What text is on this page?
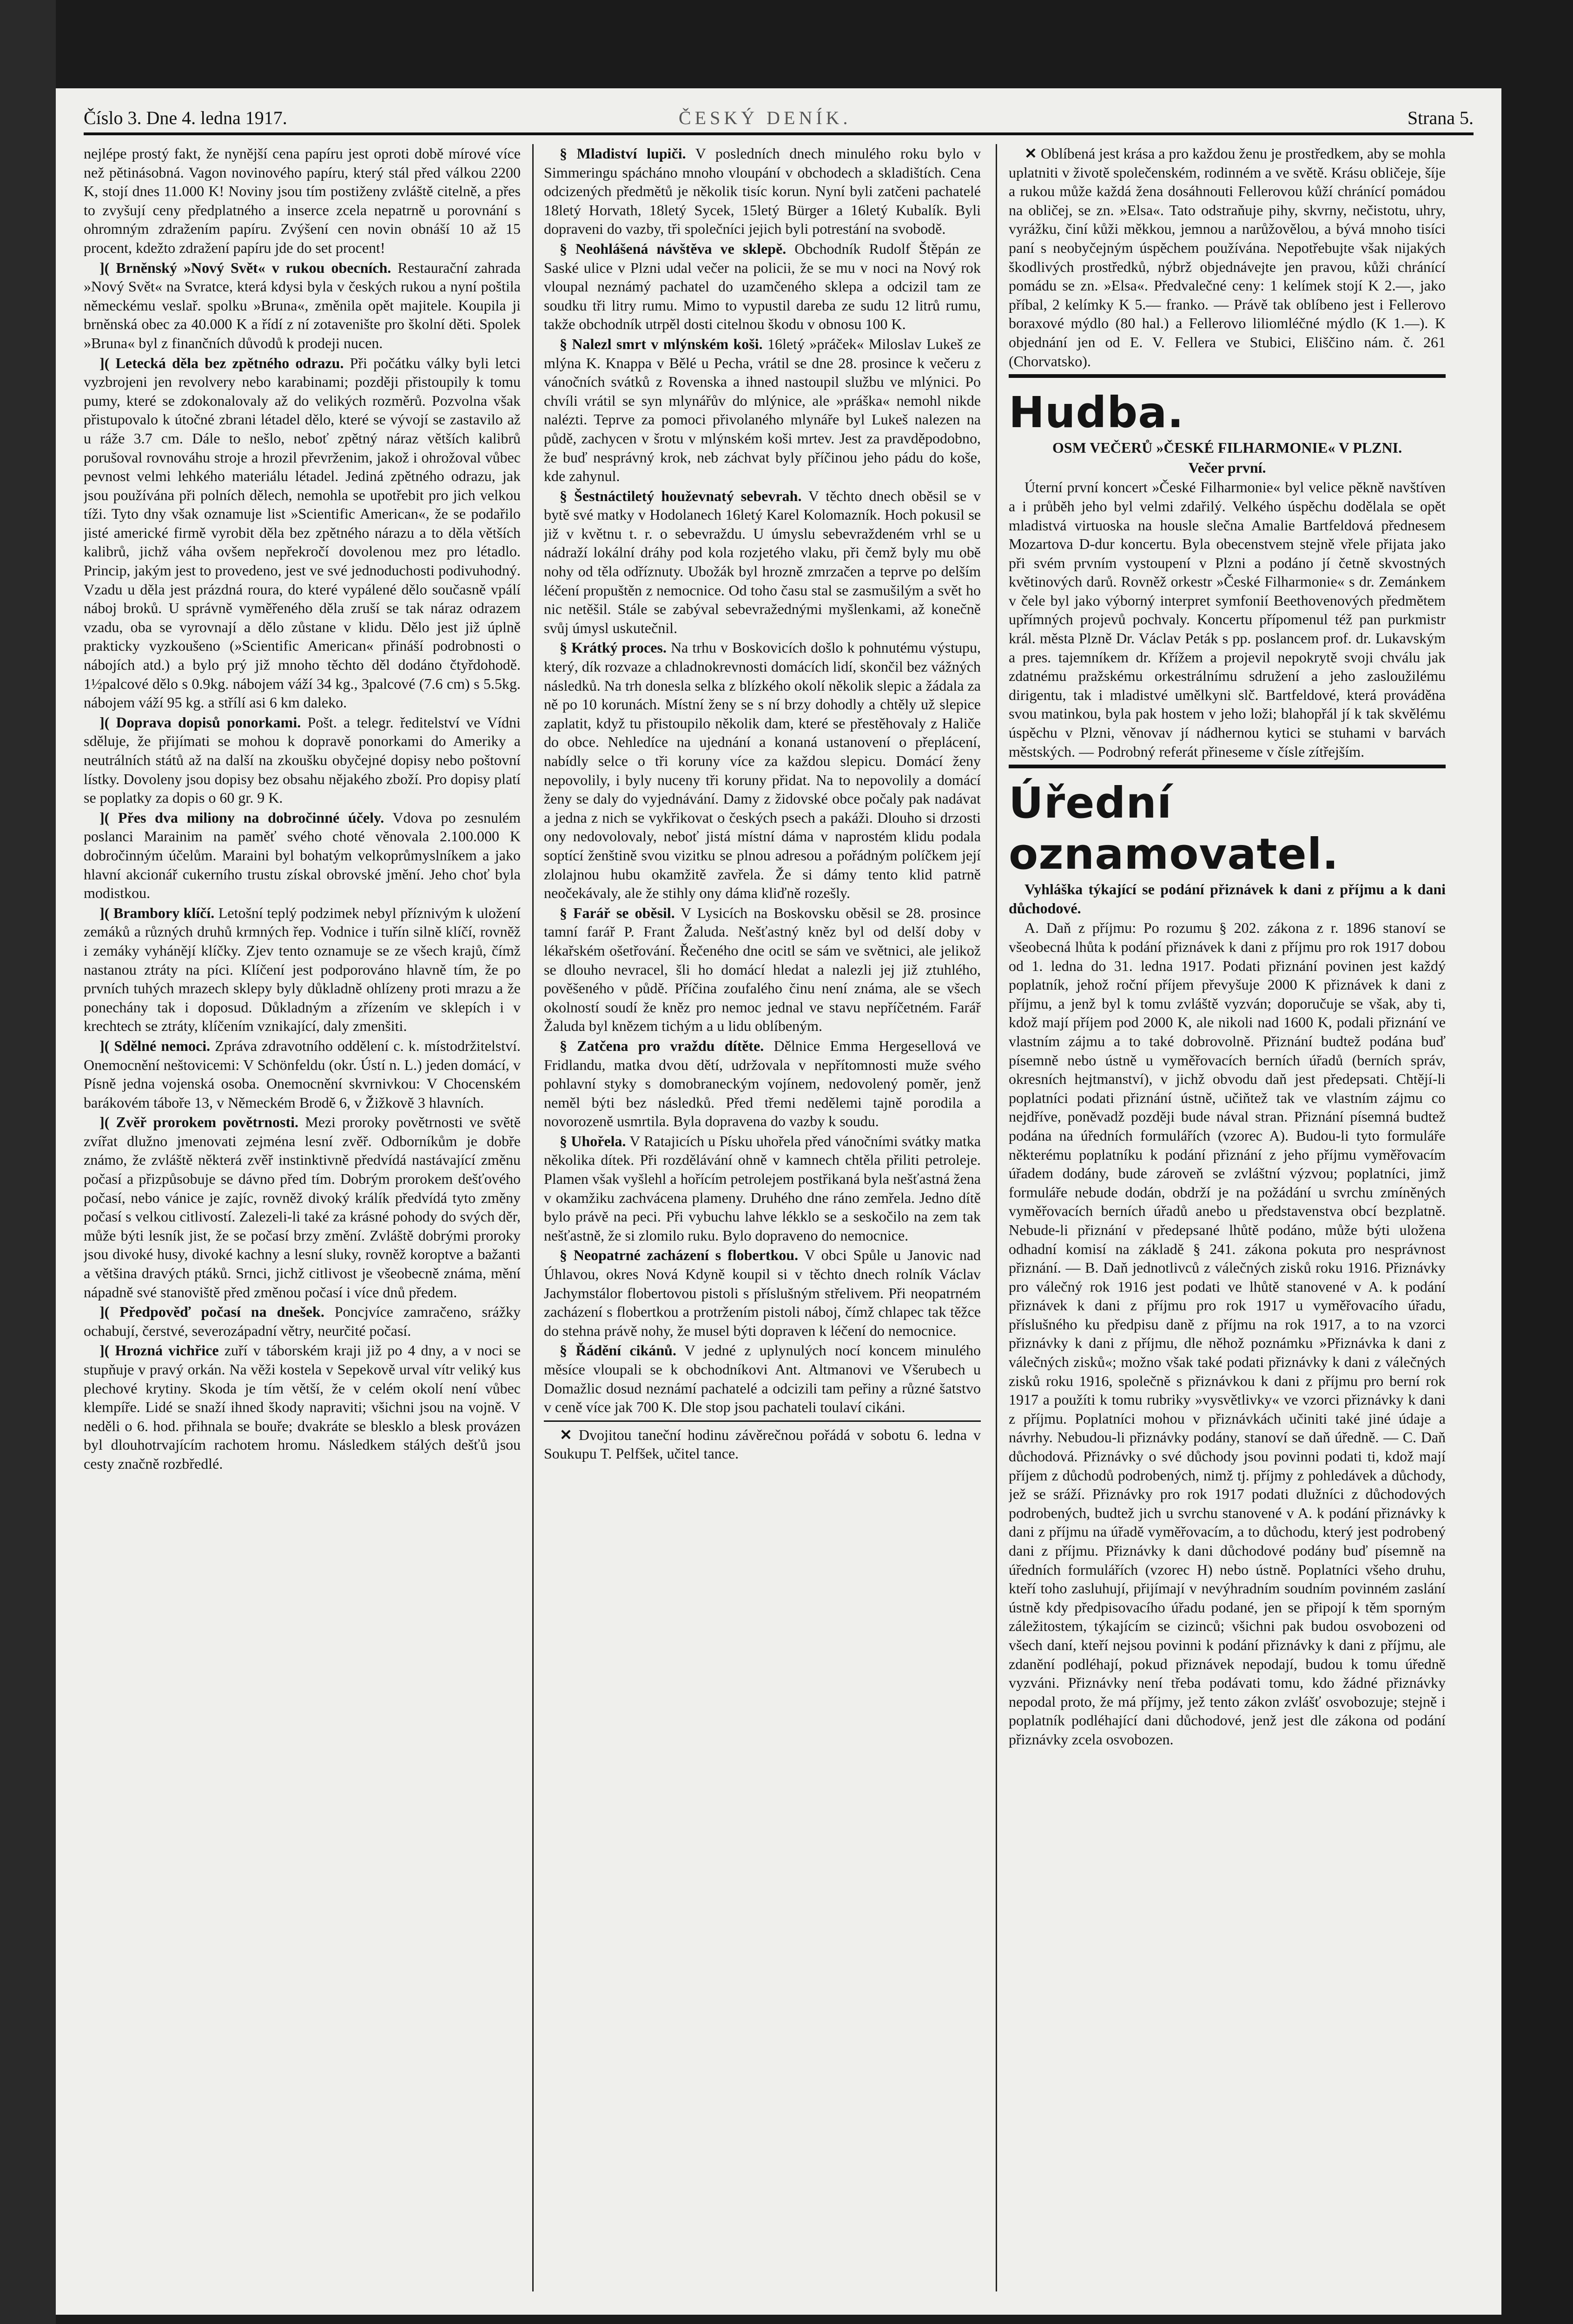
Číslo 3. Dne 4. ledna 1917.	ČESKÝ DENÍK.	Strana 5.

nejlépe prostý fakt, že nynější cena papíru jest oproti době mírové více než pětinásobná. Vagon novinového papíru, který stál před válkou 2200 K, stojí dnes 11.000 K! Noviny jsou tím postiženy zvláště citelně, a přes to zvyšují ceny předplatného a inserce zcela nepatrně u porovnání s ohromným zdražením papíru. Zvýšení cen novin obnáší 10 až 15 procent, kdežto zdražení papíru jde do set procent!

]( Brněnský »Nový Svět« v rukou obecních. Restaurační zahrada »Nový Svět« na Svratce, která kdysi byla v českých rukou a nyní poštila německému veslař. spolku »Bruna«, změnila opět majitele. Koupila ji brněnská obec za 40.000 K a řídí z ní zotavenište pro školní děti. Spolek »Bruna« byl z finančních důvodů k prodeji nucen.

]( Letecká děla bez zpětného odrazu. Při počátku války byli letci vyzbrojeni jen revolvery nebo karabinami; později přistoupily k tomu pumy, které se zdokonalovaly až do velikých rozměrů. Pozvolna však přistupovalo k útočné zbrani létadel dělo, které se vývojí se zastavilo až u ráže 3.7 cm. Dále to nešlo, neboť zpětný náraz větších kalibrů porušoval rovnováhu stroje a hrozil převrženim, jakož i ohrožoval vůbec pevnost velmi lehkého materiálu létadel. Jediná zpětného odrazu, jak jsou používána při polních dělech, nemohla se upotřebit pro jich velkou tíži. Tyto dny však oznamuje list »Scientific American«, že se podařilo jisté americké firmě vyrobit děla bez zpětného nárazu a to děla větších kalibrů, jichž váha ovšem nepřekročí dovolenou mez pro létadlo. Princip, jakým jest to provedeno, jest ve své jednoduchosti podivuhodný. Vzadu u děla jest prázdná roura, do které vypálené dělo současně vpálí náboj broků. U správně vyměřeného děla zruší se tak náraz odrazem vzadu, oba se vyrovnají a dělo zůstane v klidu. Dělo jest již úplně prakticky vyzkoušeno (»Scientific American« přináší podrobnosti o nábojích atd.) a bylo prý již mnoho těchto děl dodáno čtyřdohodě. 1½palcové dělo s 0.9kg. nábojem váží 34 kg., 3palcové (7.6 cm) s 5.5kg. nábojem váží 95 kg. a střílí asi 6 km daleko.

]( Doprava dopisů ponorkami. Pošt. a telegr. ředitelství ve Vídni sděluje, že přijímati se mohou k dopravě ponorkami do Ameriky a neutrálních států až na další na zkoušku obyčejné dopisy nebo poštovní lístky. Dovoleny jsou dopisy bez obsahu nějakého zboží. Pro dopisy platí se poplatky za dopis o 60 gr. 9 K.

]( Přes dva miliony na dobročinné účely. Vdova po zesnulém poslanci Marainim na paměť svého choté věnovala 2.100.000 K dobročinným účelům. Maraini byl bohatým velkoprůmyslníkem a jako hlavní akcionář cukerního trustu získal obrovské jmění. Jeho choť byla modistkou.

]( Brambory klíčí. Letošní teplý podzimek nebyl příznivým k uložení zemáků a různých druhů krmných řep. Vodnice i tuřín silně klíčí, rovněž i zemáky vyhánějí klíčky. Zjev tento oznamuje se ze všech krajů, čímž nastanou ztráty na píci. Klíčení jest podporováno hlavně tím, že po prvních tuhých mrazech sklepy byly důkladně ohlízeny proti mrazu a že ponechány tak i doposud. Důkladným a zřízením ve sklepích i v krechtech se ztráty, klíčením vznikající, daly zmenšiti.

]( Sdělné nemoci. Zpráva zdravotního oddělení c. k. místodržitelství. Onemocnění neštovicemi: V Schönfeldu (okr. Ústí n. L.) jeden domácí, v Písně jedna vojenská osoba. Onemocnění skvrnivkou: V Chocenském barákovém táboře 13, v Německém Brodě 6, v Žižkově 3 hlavních.

]( Zvěř prorokem povětrnosti. Mezi proroky povětrnosti ve světě zvířat dlužno jmenovati zejména lesní zvěř. Odborníkům je dobře známo, že zvláště některá zvěř instinktivně předvídá nastávající změnu počasí a přizpůsobuje se dávno před tím. Dobrým prorokem dešťového počasí, nebo vánice je zajíc, rovněž divoký králík předvídá tyto změny počasí s velkou citlivostí. Zalezeli-li také za krásné pohody do svých děr, může býti lesník jist, že se počasí brzy změní. Zvláště dobrými proroky jsou divoké husy, divoké kachny a lesní sluky, rovněž koroptve a bažanti a většina dravých ptáků. Srnci, jichž citlivost je všeobecně známa, mění nápadně své stanoviště před změnou počasí i více dnů předem.

]( Předpověď počasí na dnešek. Poncjvíce zamračeno, srážky ochabují, čerstvé, severozápadní větry, neurčité počasí.

]( Hrozná vichřice zuří v táborském kraji již po 4 dny, a v noci se stupňuje v pravý orkán. Na věži kostela v Sepekově urval vítr veliký kus plechové krytiny. Skoda je tím větší, že v celém okolí není vůbec klempíře. Lidé se snaží ihned škody napraviti; všichni jsou na vojně. V neděli o 6. hod. přihnala se bouře; dvakráte se blesklo a blesk provázen byl dlouhotrvajícím rachotem hromu. Následkem stálých dešťů jsou cesty značně rozbředlé.

§ Mladiství lupiči. V posledních dnech minulého roku bylo v Simmeringu spácháno mnoho vloupání v obchodech a skladištích. Cena odcizených předmětů je několik tisíc korun. Nyní byli zatčeni pachatelé 18letý Horvath, 18letý Sycek, 15letý Bürger a 16letý Kubalík. Byli dopraveni do vazby, tři společníci jejich byli potrestání na svobodě.

§ Neohlášená návštěva ve sklepě. Obchodník Rudolf Štěpán ze Saské ulice v Plzni udal večer na policii, že se mu v noci na Nový rok vloupal neznámý pachatel do uzamčeného sklepa a odcizil tam ze soudku tři litry rumu. Mimo to vypustil dareba ze sudu 12 litrů rumu, takže obchodník utrpěl dosti citelnou škodu v obnosu 100 K.

§ Nalezl smrt v mlýnském koši. 16letý »práček« Miloslav Lukeš ze mlýna K. Knappa v Bělé u Pecha, vrátil se dne 28. prosince k večeru z vánočních svátků z Rovenska a ihned nastoupil službu ve mlýnici. Po chvíli vrátil se syn mlynářův do mlýnice, ale »práška« nemohl nikde nalézti. Teprve za pomoci přivolaného mlynáře byl Lukeš nalezen na půdě, zachycen v šrotu v mlýnském koši mrtev. Jest za pravděpodobno, že buď nesprávný krok, neb záchvat byly příčinou jeho pádu do koše, kde zahynul.

§ Šestnáctiletý houževnatý sebevrah. V těchto dnech oběsil se v bytě své matky v Hodolanech 16letý Karel Kolomazník. Hoch pokusil se již v květnu t. r. o sebevraždu. U úmyslu sebevraždeném vrhl se u nádraží lokální dráhy pod kola rozjetého vlaku, při čemž byly mu obě nohy od těla odříznuty. Ubožák byl hrozně zmrzačen a teprve po delším léčení propuštěn z nemocnice. Od toho času stal se zasmušilým a svět ho nic netěšil. Stále se zabýval sebevražednými myšlenkami, až konečně svůj úmysl uskutečnil.

§ Krátký proces. Na trhu v Boskovicích došlo k pohnutému výstupu, který, dík rozvaze a chladnokrevnosti domácích lidí, skončil bez vážných následků. Na trh donesla selka z blízkého okolí několik slepic a žádala za ně po 10 korunách. Místní ženy se s ní brzy dohodly a chtěly už slepice zaplatit, když tu přistoupilo několik dam, které se přestěhovaly z Haliče do obce. Nehledíce na ujednání a konaná ustanovení o přeplácení, nabídly selce o tři koruny více za každou slepicu. Domácí ženy nepovolily, i byly nuceny tři koruny přidat. Na to nepovolily a domácí ženy se daly do vyjednávání. Damy z židovské obce počaly pak nadávat a jedna z nich se vykřikovat o českých psech a pakáži. Dlouho si drzosti ony nedovolovaly, neboť jistá místní dáma v naprostém klidu podala soptící ženštině svou vizitku se plnou adresou a pořádným políčkem její zlolajnou hubu okamžitě zavřela. Že si dámy tento klid patrně neočekávaly, ale že stihly ony dáma kliďně rozešly.

§ Farář se oběsil. V Lysicích na Boskovsku oběsil se 28. prosince tamní farář P. Frant Žaluda. Nešťastný kněz byl od delší doby v lékařském ošetřování. Řečeného dne ocitl se sám ve světnici, ale jelikož se dlouho nevracel, šli ho domácí hledat a nalezli jej již ztuhlého, pověšeného v půdě. Příčina zoufalého činu není známa, ale se všech okolností soudí že kněz pro nemoc jednal ve stavu nepříčetném. Farář Žaluda byl knězem tichým a u lidu oblíbeným.

§ Zatčena pro vraždu dítěte. Dělnice Emma Hergesellová ve Fridlandu, matka dvou dětí, udržovala v nepřítomnosti muže svého pohlavní styky s domobraneckým vojínem, nedovolený poměr, jenž neměl býti bez následků. Před třemi nedělemi tajně porodila a novorozeně usmrtila. Byla dopravena do vazby k soudu.

§ Uhořela. V Ratajicích u Písku uhořela před vánočními svátky matka několika dítek. Při rozdělávání ohně v kamnech chtěla přiliti petroleje. Plamen však vyšlehl a hořícím petrolejem postřikaná byla nešťastná žena v okamžiku zachvácena plameny. Druhého dne ráno zemřela. Jedno dítě bylo právě na peci. Při vybuchu lahve lékklo se a seskočilo na zem tak nešťastně, že si zlomilo ruku. Bylo dopraveno do nemocnice.

§ Neopatrné zacházení s flobertkou. V obci Spůle u Janovic nad Úhlavou, okres Nová Kdyně koupil si v těchto dnech rolník Václav Jachymstálor flobertovou pistoli s příslušným střelivem. Při neopatrném zacházení s flobertkou a protržením pistoli náboj, čímž chlapec tak těžce do stehna právě nohy, že musel býti dopraven k léčení do nemocnice.

§ Řádění cikánů. V jedné z uplynulých nocí koncem minulého měsíce vloupali se k obchodníkovi Ant. Altmanovi ve Všerubech u Domažlic dosud neznámí pachatelé a odcizili tam peřiny a různé šatstvo v ceně více jak 700 K. Dle stop jsou pachateli toulaví cikáni.

✕ Dvojitou taneční hodinu závěrečnou pořádá v sobotu 6. ledna v Soukupu T. Pelfšek, učitel tance.

✕ Oblíbená jest krása a pro každou ženu je prostředkem, aby se mohla uplatniti v životě společenském, rodinném a ve světě. Krásu obličeje, šíje a rukou může každá žena dosáhnouti Fellerovou kůží chránící pomádou na obličej, se zn. »Elsa«. Tato odstraňuje pihy, skvrny, nečistotu, uhry, vyrážku, činí kůži měkkou, jemnou a narůžovělou, a bývá mnoho tisíci paní s neobyčejným úspěchem používána. Nepotřebujte však nijakých škodlivých prostředků, nýbrž objednávejte jen pravou, kůži chránící pomádu se zn. »Elsa«. Předvalečné ceny: 1 kelímek stojí K 2.—, jako příbal, 2 kelímky K 5.— franko. — Právě tak oblíbeno jest i Fellerovo boraxové mýdlo (80 hal.) a Fellerovo liliomléčné mýdlo (K 1.—). K objednání jen od E. V. Fellera ve Stubici, Eliščino nám. č. 261 (Chorvatsko).

Hudba.

OSM VEČERŮ »ČESKÉ FILHARMONIE« V PLZNI.

Večer první.

Úterní první koncert »České Filharmonie« byl velice pěkně navštíven a i průběh jeho byl velmi zdařilý. Velkého úspěchu dodělala se opět mladistvá virtuoska na housle slečna Amalie Bartfeldová přednesem Mozartova D-dur koncertu. Byla obecenstvem stejně vřele přijata jako při svém prvním vystoupení v Plzni a podáno jí četně skvostných květinových darů. Rovněž orkestr »České Filharmonie« s dr. Zemánkem v čele byl jako výborný interpret symfonií Beethovenových předmětem upřímných projevů pochvaly. Koncertu přípomenul též pan purkmistr král. města Plzně Dr. Václav Peták s pp. poslancem prof. dr. Lukavským a pres. tajemníkem dr. Křížem a projevil nepokrytě svoji chválu jak zdatnému pražskému orkestrálnímu sdružení a jeho zasloužilému dirigentu, tak i mladistvé umělkyni slč. Bartfeldové, která prováděna svou matinkou, byla pak hostem v jeho loži; blahopřál jí k tak skvělému úspěchu v Plzni, věnovav jí nádhernou kytici se stuhami v barvách městských. — Podrobný referát přineseme v čísle zítřejším.

Úřední oznamovatel.

Vyhláška týkající se podání přiznávek k dani z příjmu a k dani důchodové.

A. Daň z příjmu: Po rozumu § 202. zákona z r. 1896 stanoví se všeobecná lhůta k podání přiznávek k dani z příjmu pro rok 1917 dobou od 1. ledna do 31. ledna 1917. Podati přiznání povinen jest každý poplatník, jehož roční příjem převyšuje 2000 K přiznávek k dani z příjmu, a jenž byl k tomu zvláště vyzván; doporučuje se však, aby ti, kdož mají příjem pod 2000 K, ale nikoli nad 1600 K, podali přiznání ve vlastním zájmu a to také dobrovolně. Přiznání budtež podána buď písemně nebo ústně u vyměřovacích berních úřadů (berních správ, okresních hejtmanství), v jichž obvodu daň jest předepsati. Chtějí-li poplatníci podati přiznání ústně, učiňtež tak ve vlastním zájmu co nejdříve, poněvadž později bude nával stran. Přiznání písemná budtež podána na úředních formulářích (vzorec A). Budou-li tyto formuláře některému poplatníku k podání přiznání z jeho příjmu vyměřovacím úřadem dodány, bude zároveň se zvláštní výzvou; poplatníci, jimž formuláře nebude dodán, obdrží je na požádání u svrchu zmíněných vyměřovacích berních úřadů anebo u představenstva obcí bezplatně. Nebude-li přiznání v předepsané lhůtě podáno, může býti uložena odhadní komisí na základě § 241. zákona pokuta pro nesprávnost přiznání. — B. Daň jednotlivců z válečných zisků roku 1916. Přiznávky pro válečný rok 1916 jest podati ve lhůtě stanovené v A. k podání přiznávek k dani z příjmu pro rok 1917 u vyměřovacího úřadu, příslušného ku předpisu daně z příjmu na rok 1917, a to na vzorci přiznávky k dani z příjmu, dle něhož poznámku »Přiznávka k dani z válečných zisků«; možno však také podati přiznávky k dani z válečných zisků roku 1916, společně s přiznávkou k dani z příjmu pro berní rok 1917 a použíti k tomu rubriky »vysvětlivky« ve vzorci přiznávky k dani z příjmu. Poplatníci mohou v přiznávkách učiniti také jiné údaje a návrhy. Nebudou-li přiznávky podány, stanoví se daň úředně. — C. Daň důchodová. Přiznávky o své důchody jsou povinni podati ti, kdož mají příjem z důchodů podrobených, nimž tj. příjmy z pohledávek a důchody, jež se sráží. Přiznávky pro rok 1917 podati dlužníci z důchodových podrobených, budtež jich u svrchu stanovené v A. k podání přiznávky k dani z příjmu na úřadě vyměřovacím, a to důchodu, který jest podrobený dani z příjmu. Přiznávky k dani důchodové podány buď písemně na úředních formulářích (vzorec H) nebo ústně. Poplatníci všeho druhu, kteří toho zasluhují, přijímají v nevýhradním soudním povinném zaslání ústně kdy předpisovacího úřadu podané, jen se připojí k těm sporným záležitostem, týkajícím se cizinců; všichni pak budou osvobozeni od všech daní, kteří nejsou povinni k podání přiznávky k dani z příjmu, ale zdanění podléhají, pokud přiznávek nepodají, budou k tomu úředně vyzváni. Přiznávky není třeba podávati tomu, kdo žádné přiznávky nepodal proto, že má příjmy, jež tento zákon zvlášť osvobozuje; stejně i poplatník podléhající dani důchodové, jenž jest dle zákona od podání přiznávky zcela osvobozen.
